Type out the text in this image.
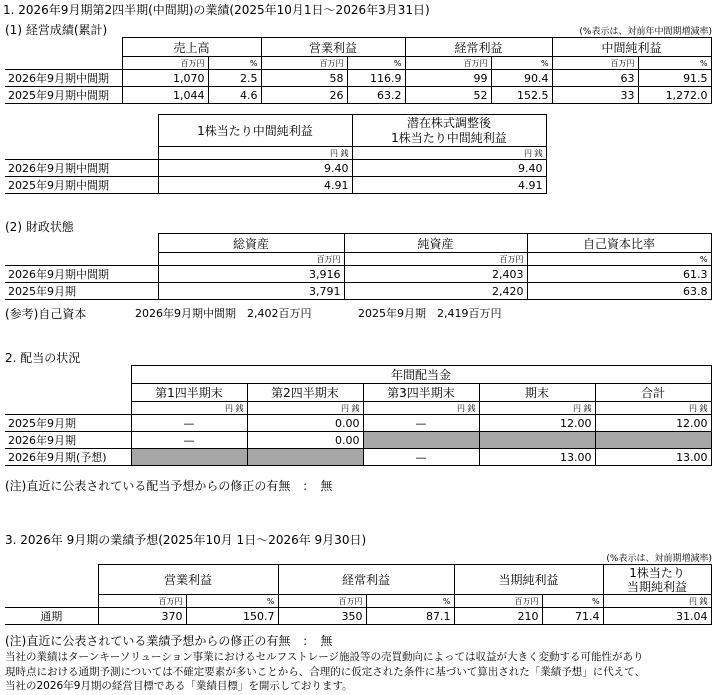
1. 2026年9月期第2四半期(中間期)の業績(2025年10月1日～2026年3月31日)
(1) 経営成績(累計)	(%表示は、対前年中間期増減率)
	売上高		営業利益		経常利益		中間純利益	
	百万円	%	百万円	%	百万円	%	百万円	%
2026年9月期中間期	1,070	2.5	58	116.9	99	90.4	63	91.5
2025年9月期中間期	1,044	4.6	26	63.2	52	152.5	33	1,272.0
	1株当たり中間純利益	潜在株式調整後
1株当たり中間純利益

	円 銭	円 銭
2026年9月期中間期	9.40	9.40
2025年9月期中間期	4.91	4.91
(2) 財政状態
	総資産	純資産	自己資本比率
	百万円	百万円	%
2026年9月期中間期	3,916	2,403	61.3
2025年9月期	3,791	2,420	63.8
(参考)自己資本	2026年9月期中間期　2,402百万円	2025年9月期　2,419百万円
2. 配当の状況
	年間配当金				
	第1四半期末	第2四半期末	第3四半期末	期末	合計
	円 銭	円 銭	円 銭	円 銭	円 銭
2025年9月期	—	0.00	—	12.00	12.00
2026年9月期	—	0.00			
2026年9月期(予想)			—	13.00	13.00
(注)直近に公表されている配当予想からの修正の有無　：　無
3. 2026年 9月期の業績予想(2025年10月 1日～2026年 9月30日)
(%表示は、対前期増減率)
	営業利益		経常利益		当期純利益		1株当たり
当期純利益

	百万円	%	百万円	%	百万円	%	円 銭
通期	370	150.7	350	87.1	210	71.4	31.04
(注)直近に公表されている業績予想からの修正の有無　：　無
当社の業績はターンキーソリューション事業におけるセルフストレージ施設等の売買動向によっては収益が大きく変動する可能性があり
現時点における通期予測については不確定要素が多いことから、合理的に仮定された条件に基づいて算出された「業績予想」に代えて、
当社の2026年9月期の経営目標である「業績目標」を開示しております。
